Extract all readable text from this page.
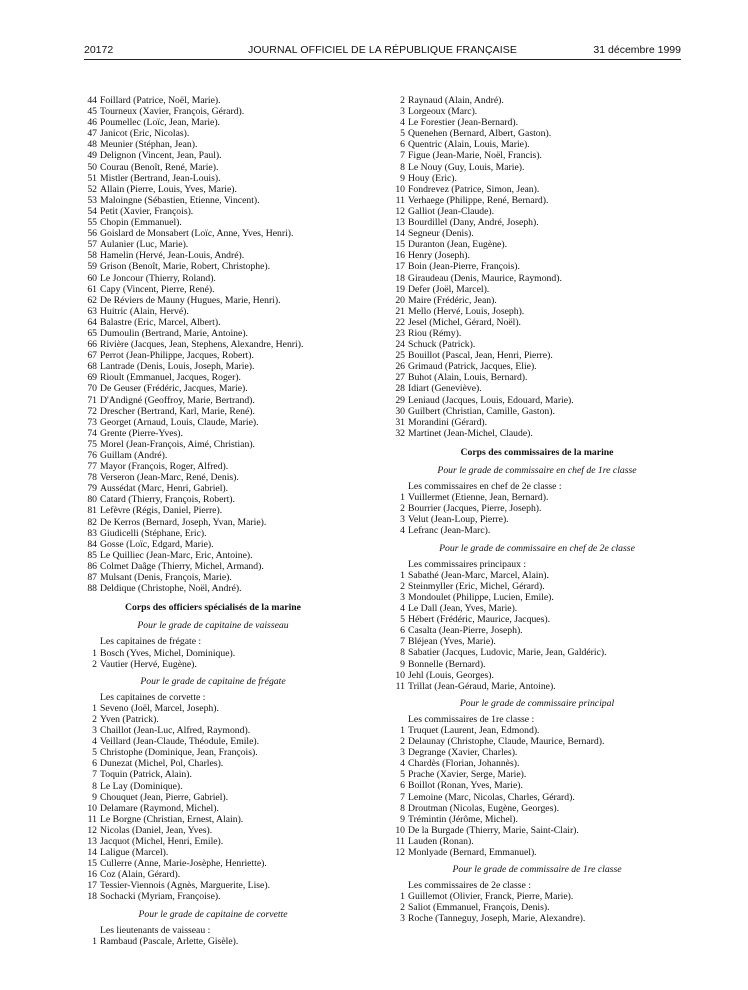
20172	JOURNAL OFFICIEL DE LA RÉPUBLIQUE FRANÇAISE	31 décembre 1999
44 Foillard (Patrice, Noël, Marie).
45 Tourneux (Xavier, François, Gérard).
46 Poumellec (Loïc, Jean, Marie).
47 Janicot (Eric, Nicolas).
48 Meunier (Stéphan, Jean).
49 Delignon (Vincent, Jean, Paul).
50 Courau (Benoît, René, Marie).
51 Mistler (Bertrand, Jean-Louis).
52 Allain (Pierre, Louis, Yves, Marie).
53 Maloingne (Sébastien, Etienne, Vincent).
54 Petit (Xavier, François).
55 Chopin (Emmanuel).
56 Goislard de Monsabert (Loïc, Anne, Yves, Henri).
57 Aulanier (Luc, Marie).
58 Hamelin (Hervé, Jean-Louis, André).
59 Grison (Benoît, Marie, Robert, Christophe).
60 Le Joncour (Thierry, Roland).
61 Capy (Vincent, Pierre, René).
62 De Réviers de Mauny (Hugues, Marie, Henri).
63 Huitric (Alain, Hervé).
64 Balastre (Eric, Marcel, Albert).
65 Dumoulin (Bertrand, Marie, Antoine).
66 Rivière (Jacques, Jean, Stephens, Alexandre, Henri).
67 Perrot (Jean-Philippe, Jacques, Robert).
68 Lantrade (Denis, Louis, Joseph, Marie).
69 Rioult (Emmanuel, Jacques, Roger).
70 De Geuser (Frédéric, Jacques, Marie).
71 D'Andigné (Geoffroy, Marie, Bertrand).
72 Drescher (Bertrand, Karl, Marie, René).
73 Georget (Arnaud, Louis, Claude, Marie).
74 Grente (Pierre-Yves).
75 Morel (Jean-François, Aimé, Christian).
76 Guillam (André).
77 Mayor (François, Roger, Alfred).
78 Verseron (Jean-Marc, René, Denis).
79 Aussédat (Marc, Henri, Gabriel).
80 Catard (Thierry, François, Robert).
81 Lefèvre (Régis, Daniel, Pierre).
82 De Kerros (Bernard, Joseph, Yvan, Marie).
83 Giudicelli (Stéphane, Eric).
84 Gosse (Loïc, Edgard, Marie).
85 Le Quilliec (Jean-Marc, Eric, Antoine).
86 Colmet Daâge (Thierry, Michel, Armand).
87 Mulsant (Denis, François, Marie).
88 Deldique (Christophe, Noël, André).
Corps des officiers spécialisés de la marine
Pour le grade de capitaine de vaisseau
Les capitaines de frégate :
1 Bosch (Yves, Michel, Dominique).
2 Vautier (Hervé, Eugène).
Pour le grade de capitaine de frégate
Les capitaines de corvette :
1 Seveno (Joël, Marcel, Joseph).
2 Yven (Patrick).
3 Chaillot (Jean-Luc, Alfred, Raymond).
4 Veillard (Jean-Claude, Théodule, Emile).
5 Christophe (Dominique, Jean, François).
6 Dunezat (Michel, Pol, Charles).
7 Toquin (Patrick, Alain).
8 Le Lay (Dominique).
9 Chouquet (Jean, Pierre, Gabriel).
10 Delamare (Raymond, Michel).
11 Le Borgne (Christian, Ernest, Alain).
12 Nicolas (Daniel, Jean, Yves).
13 Jacquot (Michel, Henri, Emile).
14 Laligue (Marcel).
15 Cullerre (Anne, Marie-Josèphe, Henriette).
16 Coz (Alain, Gérard).
17 Tessier-Viennois (Agnès, Marguerite, Lise).
18 Sochacki (Myriam, Françoise).
Pour le grade de capitaine de corvette
Les lieutenants de vaisseau :
1 Rambaud (Pascale, Arlette, Gisèle).
2 Raynaud (Alain, André).
3 Lorgeoux (Marc).
4 Le Forestier (Jean-Bernard).
5 Quenehen (Bernard, Albert, Gaston).
6 Quentric (Alain, Louis, Marie).
7 Figue (Jean-Marie, Noël, Francis).
8 Le Nouy (Guy, Louis, Marie).
9 Houy (Eric).
10 Fondrevez (Patrice, Simon, Jean).
11 Verhaege (Philippe, René, Bernard).
12 Galliot (Jean-Claude).
13 Bourdillel (Dany, André, Joseph).
14 Segneur (Denis).
15 Duranton (Jean, Eugène).
16 Henry (Joseph).
17 Boin (Jean-Pierre, François).
18 Giraudeau (Denis, Maurice, Raymond).
19 Defer (Joël, Marcel).
20 Maire (Frédéric, Jean).
21 Mello (Hervé, Louis, Joseph).
22 Jesel (Michel, Gérard, Noël).
23 Riou (Rémy).
24 Schuck (Patrick).
25 Bouillot (Pascal, Jean, Henri, Pierre).
26 Grimaud (Patrick, Jacques, Elie).
27 Buhot (Alain, Louis, Bernard).
28 Idiart (Geneviève).
29 Leniaud (Jacques, Louis, Edouard, Marie).
30 Guilbert (Christian, Camille, Gaston).
31 Morandini (Gérard).
32 Martinet (Jean-Michel, Claude).
Corps des commissaires de la marine
Pour le grade de commissaire en chef de 1re classe
Les commissaires en chef de 2e classe :
1 Vuillermet (Etienne, Jean, Bernard).
2 Bourrier (Jacques, Pierre, Joseph).
3 Velut (Jean-Loup, Pierre).
4 Lefranc (Jean-Marc).
Pour le grade de commissaire en chef de 2e classe
Les commissaires principaux :
1 Sabathé (Jean-Marc, Marcel, Alain).
2 Steinmyller (Eric, Michel, Gérard).
3 Mondoulet (Philippe, Lucien, Emile).
4 Le Dall (Jean, Yves, Marie).
5 Hébert (Frédéric, Maurice, Jacques).
6 Casalta (Jean-Pierre, Joseph).
7 Bléjean (Yves, Marie).
8 Sabatier (Jacques, Ludovic, Marie, Jean, Galdéric).
9 Bonnelle (Bernard).
10 Jehl (Louis, Georges).
11 Trillat (Jean-Géraud, Marie, Antoine).
Pour le grade de commissaire principal
Les commissaires de 1re classe :
1 Truquet (Laurent, Jean, Edmond).
2 Delaunay (Christophe, Claude, Maurice, Bernard).
3 Degrange (Xavier, Charles).
4 Chardès (Florian, Johannès).
5 Prache (Xavier, Serge, Marie).
6 Boillot (Ronan, Yves, Marie).
7 Lemoine (Marc, Nicolas, Charles, Gérard).
8 Droutman (Nicolas, Eugène, Georges).
9 Trémintin (Jérôme, Michel).
10 De la Burgade (Thierry, Marie, Saint-Clair).
11 Lauden (Ronan).
12 Monlyade (Bernard, Emmanuel).
Pour le grade de commissaire de 1re classe
Les commissaires de 2e classe :
1 Guillemot (Olivier, Franck, Pierre, Marie).
2 Saliot (Emmanuel, François, Denis).
3 Roche (Tanneguy, Joseph, Marie, Alexandre).
